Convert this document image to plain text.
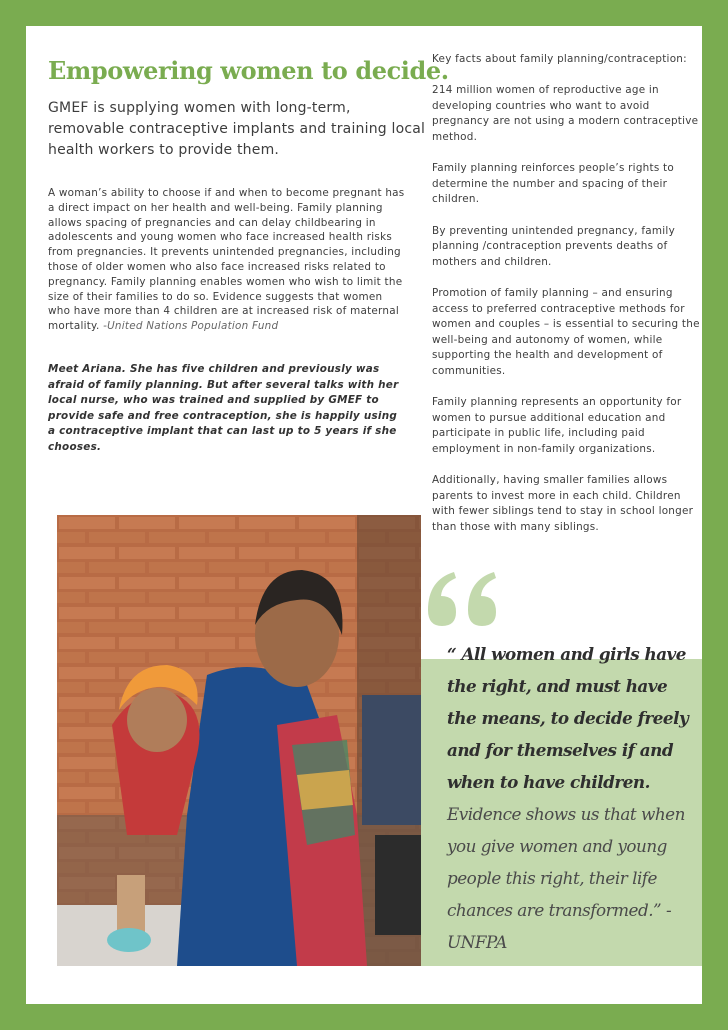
Empowering women to decide.

GMEF is supplying women with long-term, removable contraceptive implants and training local health workers to provide them.

A woman’s ability to choose if and when to become pregnant has a direct impact on her health and well-being. Family planning allows spacing of pregnancies and can delay childbearing in adolescents and young women who face increased health risks from pregnancies. It prevents unintended pregnancies, including those of older women who also face increased risks related to pregnancy. Family planning enables women who wish to limit the size of their families to do so. Evidence suggests that women who have more than 4 children are at increased risk of maternal mortality. -United Nations Population Fund

Meet Ariana. She has five children and previously was afraid of family planning. But after several talks with her local nurse, who was trained and supplied by GMEF to provide safe and free contraception, she is happily using a contraceptive implant that can last up to 5 years if she chooses.

Key facts about family planning/contraception:

214 million women of reproductive age in developing countries who want to avoid pregnancy are not using a modern contraceptive method.

Family planning reinforces people’s rights to determine the number and spacing of their children.

By preventing unintended pregnancy, family planning /contraception prevents deaths of mothers and children.

Promotion of family planning – and ensuring access to preferred contraceptive methods for women and couples – is essential to securing the well-being and autonomy of women, while supporting the health and development of communities.

Family planning represents an opportunity for women to pursue additional education and participate in public life, including paid employment in non-family organizations.

Additionally, having smaller families allows parents to invest more in each child. Children with fewer siblings tend to stay in school longer than those with many siblings.

“ All women and girls have the right, and must have the means, to decide freely and for themselves if and when to have children. Evidence shows us that when you give women and young people this right, their life chances are transformed.” -UNFPA
